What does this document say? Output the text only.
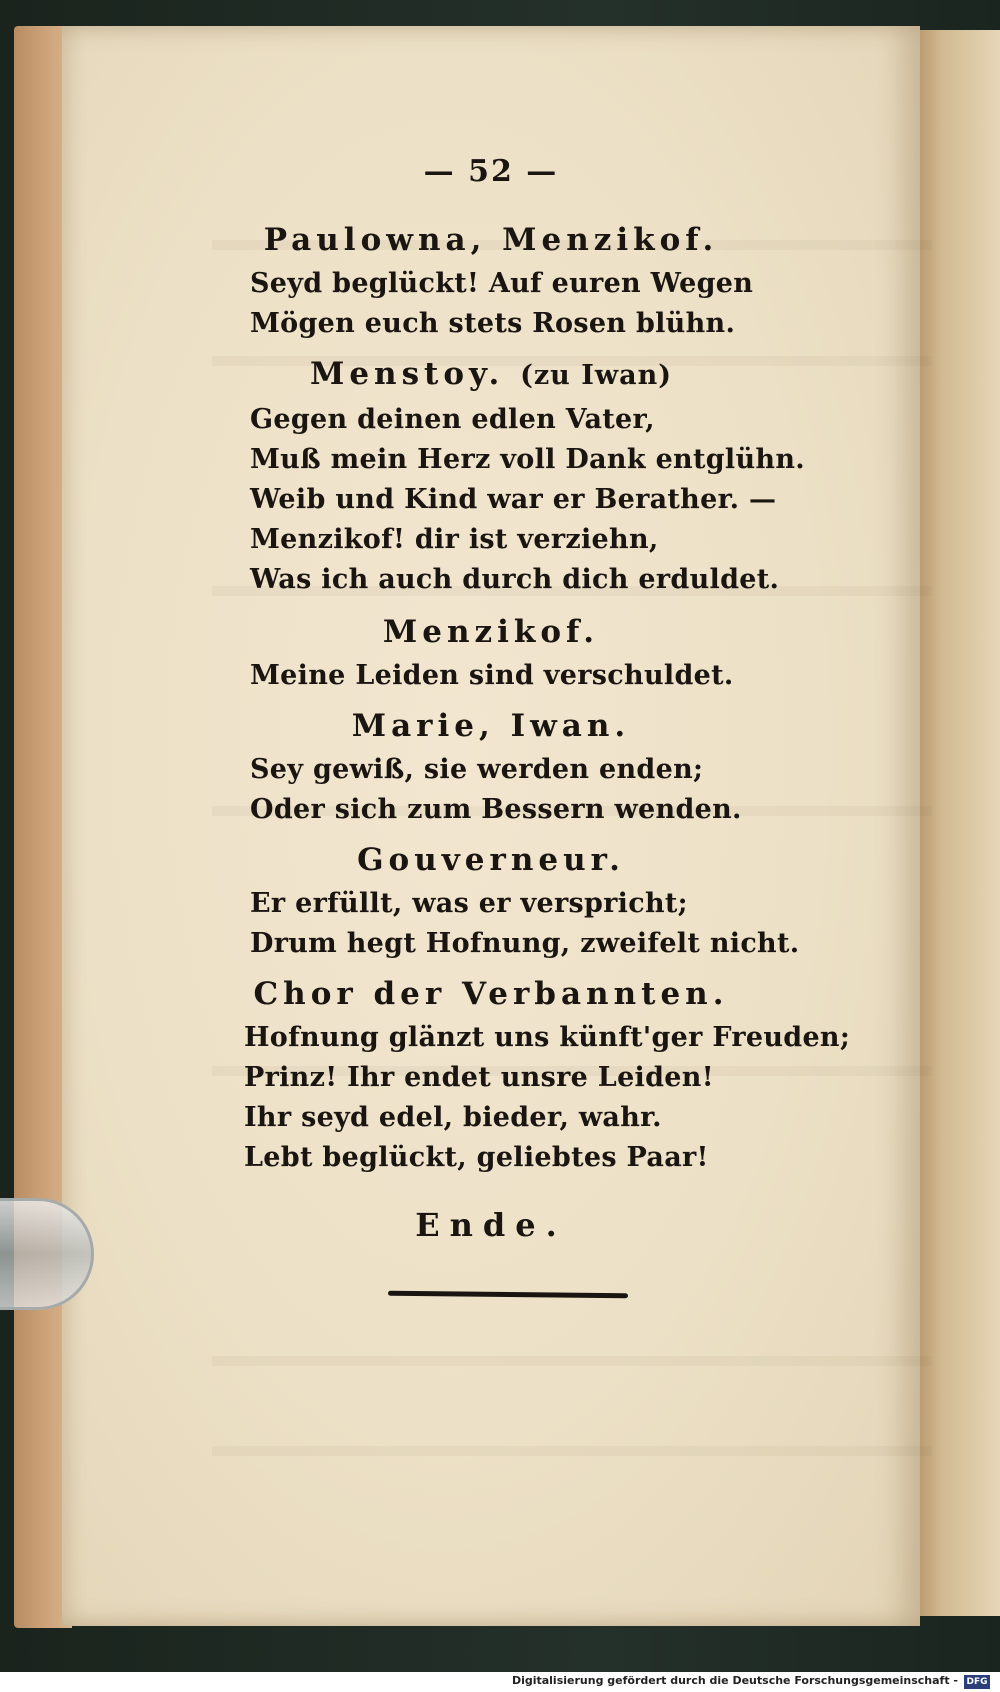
— 52 —
Paulowna, Menzikof.
Seyd beglückt! Auf euren Wegen
Mögen euch stets Rosen blühn.
Menstoy. (zu Iwan)
Gegen deinen edlen Vater,
Muß mein Herz voll Dank entglühn.
Weib und Kind war er Berather. —
Menzikof! dir ist verziehn,
Was ich auch durch dich erduldet.
Menzikof.
Meine Leiden sind verschuldet.
Marie, Iwan.
Sey gewiß, sie werden enden;
Oder sich zum Bessern wenden.
Gouverneur.
Er erfüllt, was er verspricht;
Drum hegt Hofnung, zweifelt nicht.
Chor der Verbannten.
Hofnung glänzt uns künft'ger Freuden;
Prinz! Ihr endet unsre Leiden!
Ihr seyd edel, bieder, wahr.
Lebt beglückt, geliebtes Paar!
Ende.
Digitalisierung gefördert durch die Deutsche Forschungsgemeinschaft - DFG
